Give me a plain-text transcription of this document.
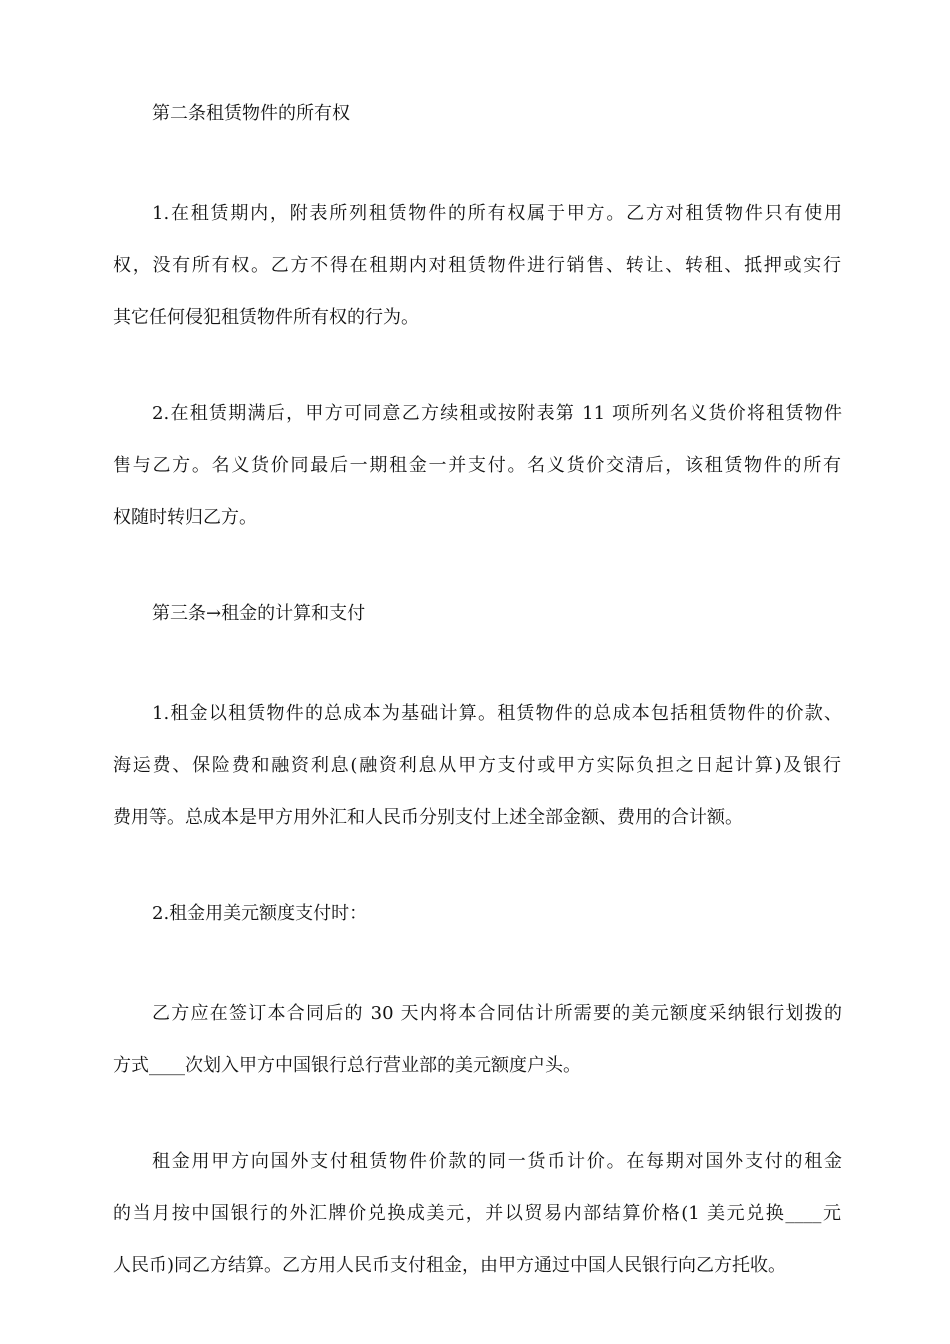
第二条租赁物件的所有权
1.在租赁期内，附表所列租赁物件的所有权属于甲方。乙方对租赁物件只有使用
权，没有所有权。乙方不得在租期内对租赁物件进行销售、转让、转租、抵押或实行
其它任何侵犯租赁物件所有权的行为。
2.在租赁期满后，甲方可同意乙方续租或按附表第 11 项所列名义货价将租赁物件
售与乙方。名义货价同最后一期租金一并支付。名义货价交清后，该租赁物件的所有
权随时转归乙方。
第三条→租金的计算和支付
1.租金以租赁物件的总成本为基础计算。租赁物件的总成本包括租赁物件的价款、
海运费、保险费和融资利息(融资利息从甲方支付或甲方实际负担之日起计算)及银行
费用等。总成本是甲方用外汇和人民币分别支付上述全部金额、费用的合计额。
2.租金用美元额度支付时：
乙方应在签订本合同后的 30 天内将本合同估计所需要的美元额度采纳银行划拨的
方式____次划入甲方中国银行总行营业部的美元额度户头。
租金用甲方向国外支付租赁物件价款的同一货币计价。在每期对国外支付的租金
的当月按中国银行的外汇牌价兑换成美元，并以贸易内部结算价格(1 美元兑换____元
人民币)同乙方结算。乙方用人民币支付租金，由甲方通过中国人民银行向乙方托收。
